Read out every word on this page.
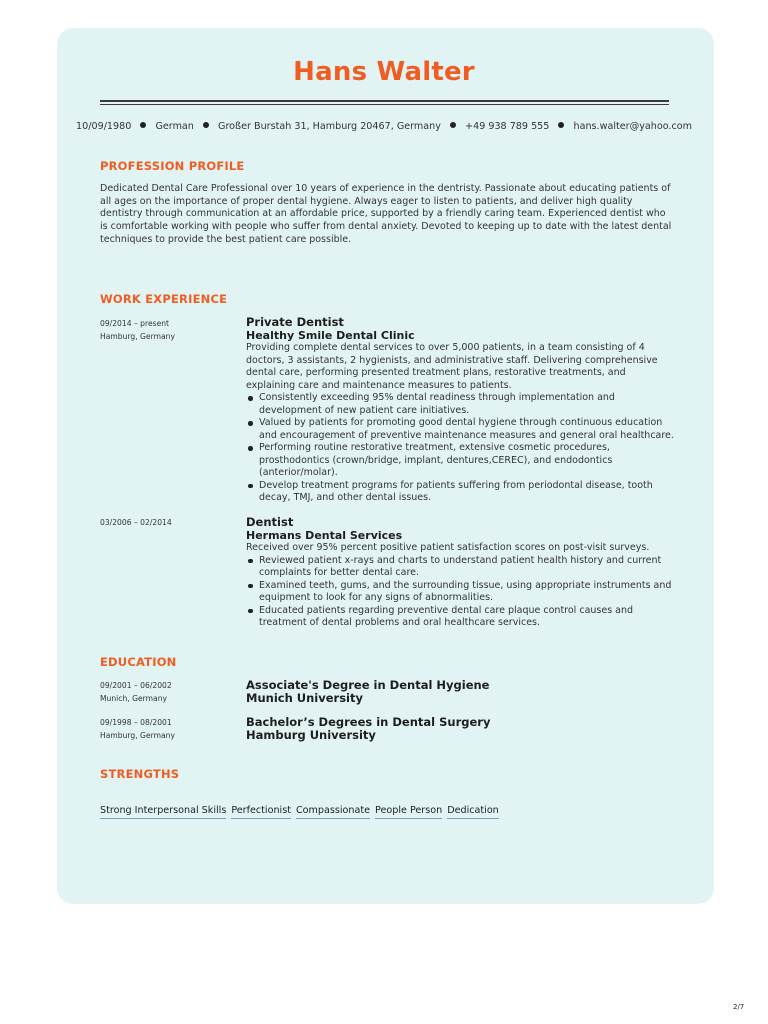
Hans Walter
10/09/1980	German	Großer Burstah 31, Hamburg 20467, Germany	+49 938 789 555	hans.walter@yahoo.com
PROFESSION PROFILE
Dedicated Dental Care Professional over 10 years of experience in the dentristy. Passionate about educating patients of all ages on the importance of proper dental hygiene. Always eager to listen to patients, and deliver high quality dentistry through communication at an affordable price, supported by a friendly caring team. Experienced dentist who is comfortable working with people who suffer from dental anxiety. Devoted to keeping up to date with the latest dental techniques to provide the best patient care possible.
WORK EXPERIENCE
09/2014 – present
Hamburg, Germany
Private Dentist
Healthy Smile Dental Clinic
Providing complete dental services to over 5,000 patients, in a team consisting of 4 doctors, 3 assistants, 2 hygienists, and administrative staff. Delivering comprehensive dental care, performing presented treatment plans, restorative treatments, and explaining care and maintenance measures to patients.
Consistently exceeding 95% dental readiness through implementation and development of new patient care initiatives.
Valued by patients for promoting good dental hygiene through continuous education and encouragement of preventive maintenance measures and general oral healthcare.
Performing routine restorative treatment, extensive cosmetic procedures, prosthodontics (crown/bridge, implant, dentures,CEREC), and endodontics (anterior/molar).
Develop treatment programs for patients suffering from periodontal disease, tooth decay, TMJ, and other dental issues.
03/2006 – 02/2014	Dentist
Hermans Dental Services
Received over 95% percent positive patient satisfaction scores on post-visit surveys.
Reviewed patient x-rays and charts to understand patient health history and current complaints for better dental care.
Examined teeth, gums, and the surrounding tissue, using appropriate instruments and equipment to look for any signs of abnormalities.
Educated patients regarding preventive dental care plaque control causes and treatment of dental problems and oral healthcare services.
EDUCATION
09/2001 – 06/2002
Munich, Germany
Associate's Degree in Dental Hygiene
Munich University
09/1998 – 08/2001
Hamburg, Germany
Bachelor’s Degrees in Dental Surgery
Hamburg University
STRENGTHS
Strong Interpersonal Skills Perfectionist Compassionate People Person Dedication
2/7
